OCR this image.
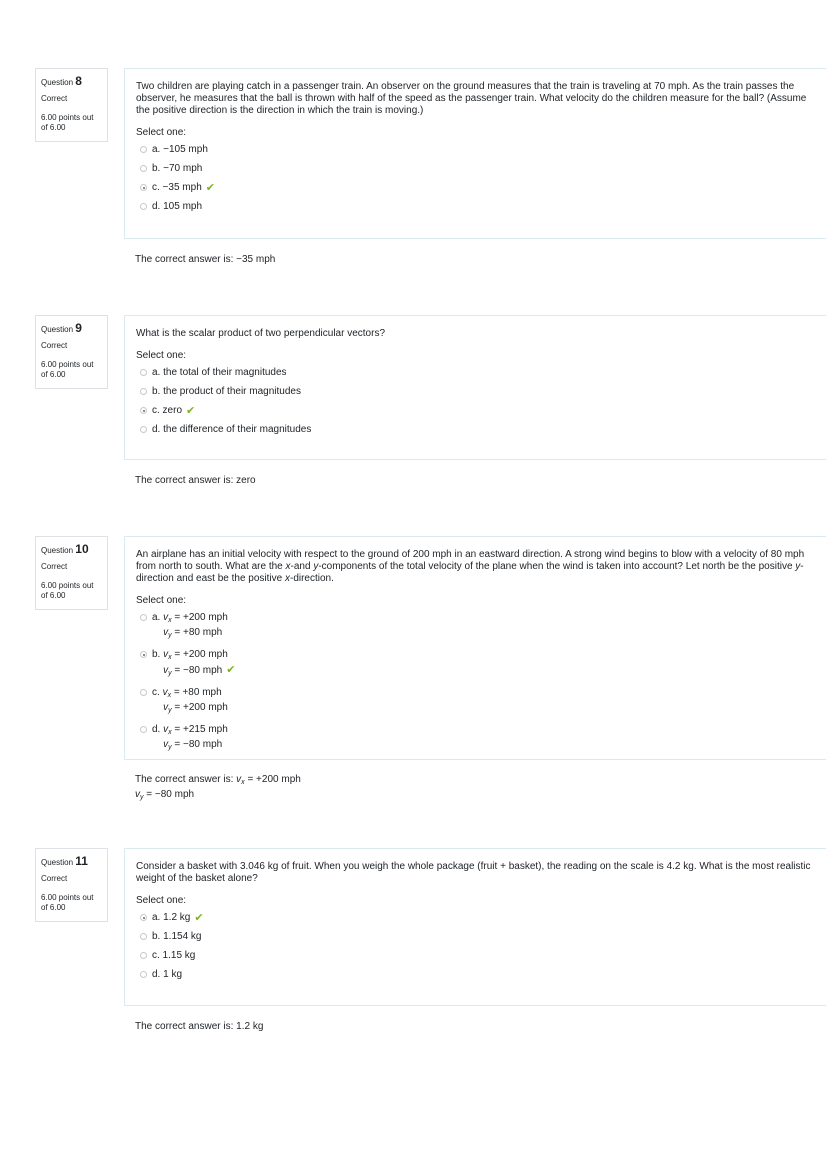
Question 8
Correct
6.00 points out of 6.00
Two children are playing catch in a passenger train. An observer on the ground measures that the train is traveling at 70 mph. As the train passes the observer, he measures that the ball is thrown with half of the speed as the passenger train. What velocity do the children measure for the ball? (Assume the positive direction is the direction in which the train is moving.)
Select one:
a. −105 mph
b. −70 mph
c. −35 mph ✔
d. 105 mph
The correct answer is: −35 mph
Question 9
Correct
6.00 points out of 6.00
What is the scalar product of two perpendicular vectors?
Select one:
a. the total of their magnitudes
b. the product of their magnitudes
c. zero ✔
d. the difference of their magnitudes
The correct answer is: zero
Question 10
Correct
6.00 points out of 6.00
An airplane has an initial velocity with respect to the ground of 200 mph in an eastward direction. A strong wind begins to blow with a velocity of 80 mph from north to south. What are the x-and y-components of the total velocity of the plane when the wind is taken into account? Let north be the positive y-direction and east be the positive x-direction.
Select one:
a. $v_x = +200$ mph
$v_y = +80$ mph
b. $v_x = +200$ mph
$v_y = -80$ mph ✔
c. $v_x = +80$ mph
$v_y = +200$ mph
d. $v_x = +215$ mph
$v_y = -80$ mph
The correct answer is: $v_x = +200$ mph
$v_y = -80$ mph
Question 11
Correct
6.00 points out of 6.00
Consider a basket with 3.046 kg of fruit. When you weigh the whole package (fruit + basket), the reading on the scale is 4.2 kg. What is the most realistic weight of the basket alone?
Select one:
a. 1.2 kg ✔
b. 1.154 kg
c. 1.15 kg
d. 1 kg
The correct answer is: 1.2 kg
